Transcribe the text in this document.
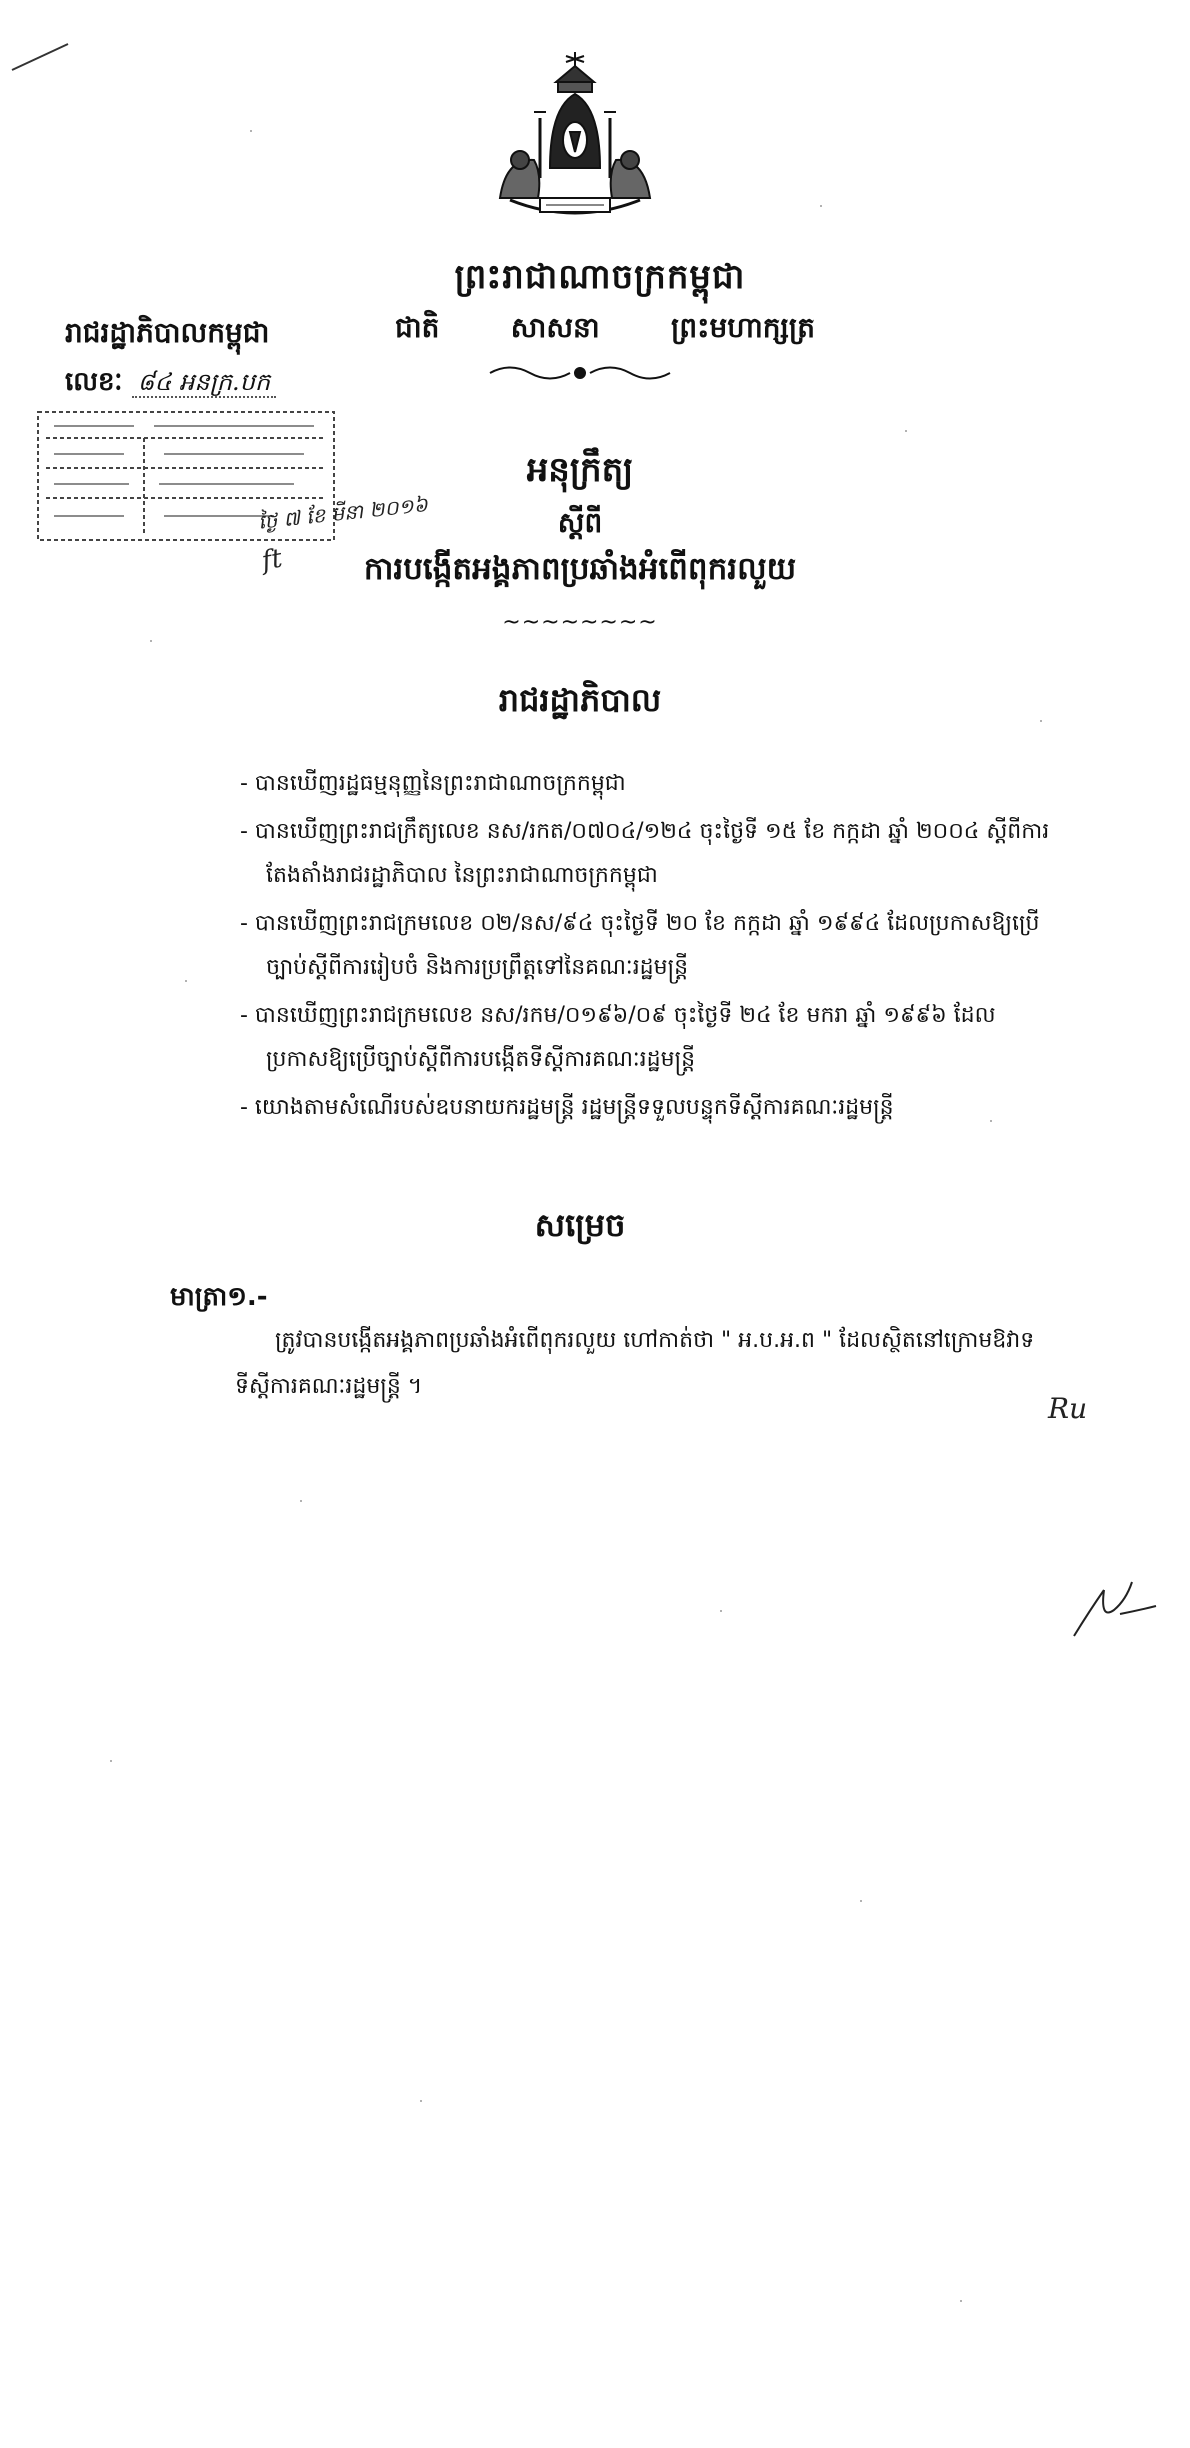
ព្រះរាជាណាចក្រកម្ពុជា
ជាតិ	សាសនា	ព្រះមហាក្សត្រ
រាជរដ្ឋាភិបាលកម្ពុជា
លេខៈ ៨៤ អនក្រ.បក
ថ្ងៃ ៧ ខែ មីនា ២០១៦
ft
អនុក្រឹត្យ
ស្តីពី
ការបង្កើតអង្គភាពប្រឆាំងអំពើពុករលួយ
~~~~~~~~
រាជរដ្ឋាភិបាល

- បានឃើញរដ្ឋធម្មនុញ្ញនៃព្រះរាជាណាចក្រកម្ពុជា

- បានឃើញព្រះរាជក្រឹត្យលេខ នស/រកត/០៧០៤/១២៤ ចុះថ្ងៃទី ១៥ ខែ កក្កដា ឆ្នាំ ២០០៤ ស្តីពីការតែងតាំងរាជរដ្ឋាភិបាល នៃព្រះរាជាណាចក្រកម្ពុជា

- បានឃើញព្រះរាជក្រមលេខ ០២/នស/៩៤ ចុះថ្ងៃទី ២០ ខែ កក្កដា ឆ្នាំ ១៩៩៤ ដែលប្រកាសឱ្យប្រើច្បាប់ស្តីពីការរៀបចំ និងការប្រព្រឹត្តទៅនៃគណៈរដ្ឋមន្ត្រី

- បានឃើញព្រះរាជក្រមលេខ នស/រកម/០១៩៦/០៩ ចុះថ្ងៃទី ២៤ ខែ មករា ឆ្នាំ ១៩៩៦ ដែលប្រកាសឱ្យប្រើច្បាប់ស្តីពីការបង្កើតទីស្តីការគណៈរដ្ឋមន្ត្រី

- យោងតាមសំណើរបស់ឧបនាយករដ្ឋមន្ត្រី រដ្ឋមន្ត្រីទទួលបន្ទុកទីស្តីការគណៈរដ្ឋមន្ត្រី

សម្រេច
មាត្រា១.-
ត្រូវបានបង្កើតអង្គភាពប្រឆាំងអំពើពុករលួយ ហៅកាត់ថា " អ.ប.អ.ព " ដែលស្ថិតនៅក្រោមឱវាទ
ទីស្តីការគណៈរដ្ឋមន្ត្រី ។
Ru
